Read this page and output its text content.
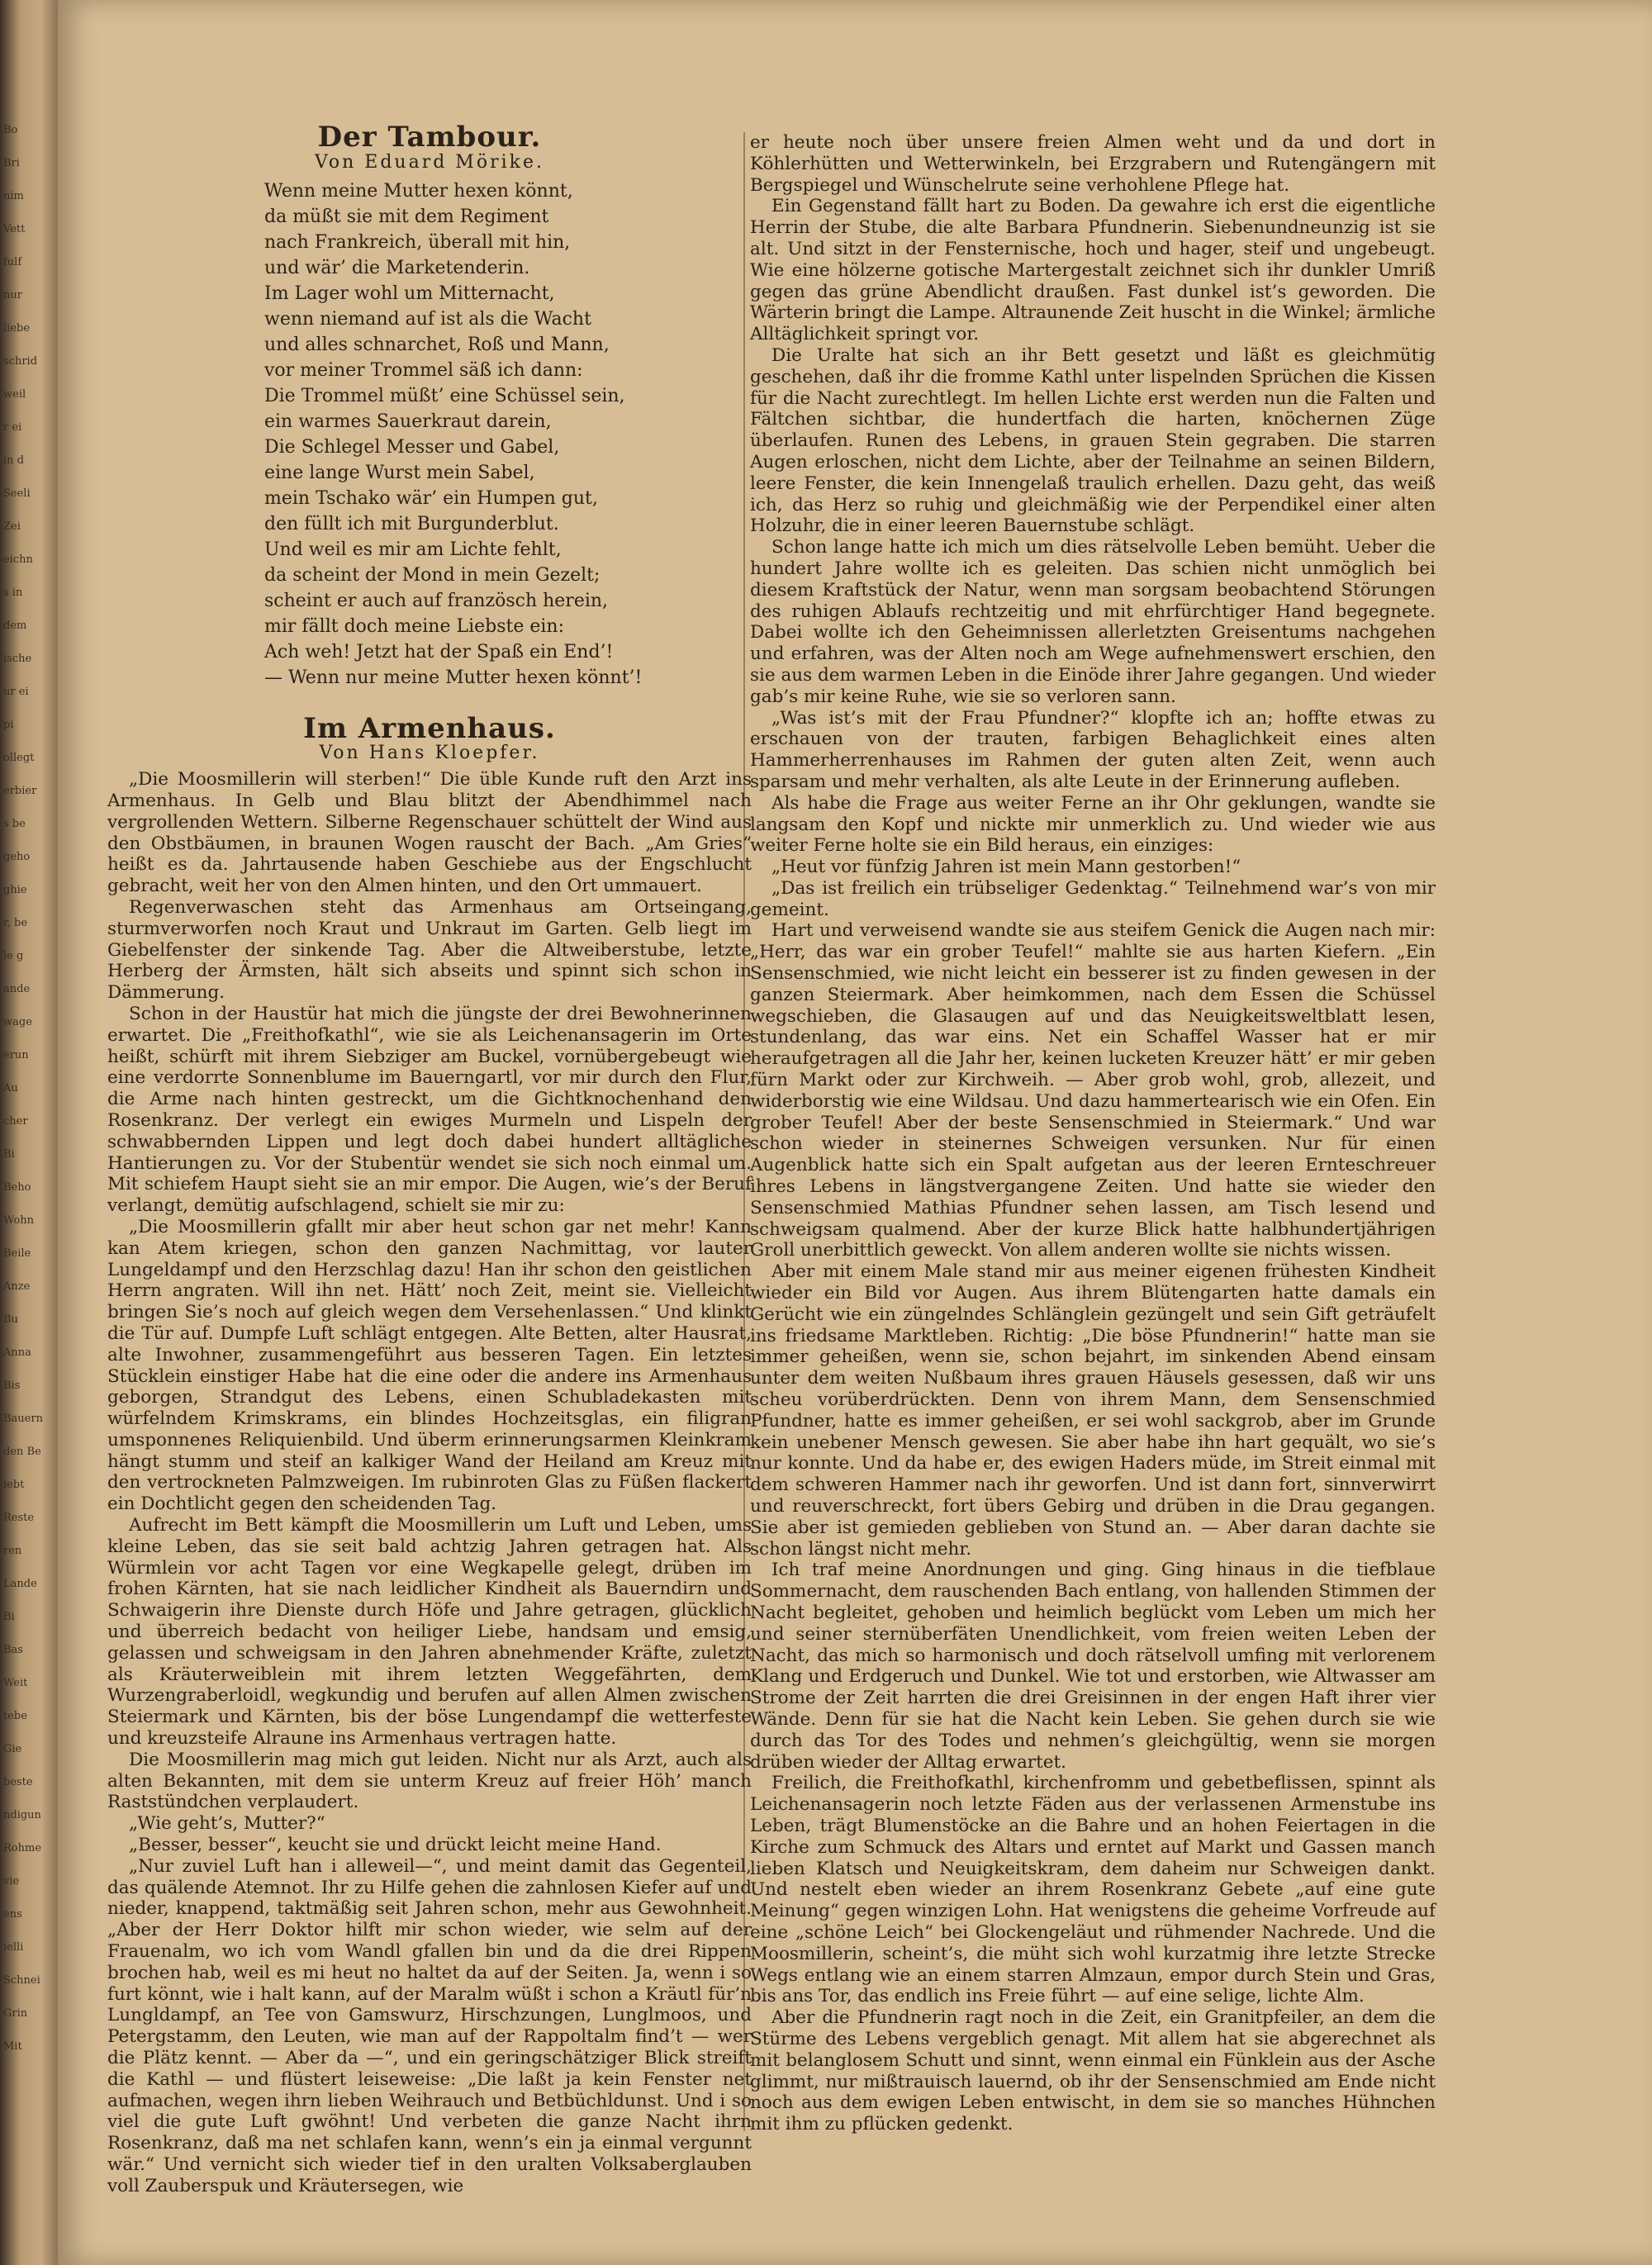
Bo
Bri
nim
Vett
fulf
nur
liebe
schrid
weil
r ei
in d
Seeli
Zei
eichn
s in
dem
ische
ur ei
pi
ollegt
erbier
s be
geho
ghie
r, be
le g
ande
wage
erun
Au
cher
Bi
Beho
Wohn
Beile
Anze
Bu
Anna
Bis
Bauern
den Be
iebt
Reste
ren
Lande
Bi
Bas
Weit
tebe
Gie
beste
ndigun
Rohme
vie
ens
ielli
Schnei
Grin
Mit
Der Tambour.
Von Eduard Mörike.
Wenn meine Mutter hexen könnt,
da müßt sie mit dem Regiment
nach Frankreich, überall mit hin,
und wär’ die Marketenderin.
Im Lager wohl um Mitternacht,
wenn niemand auf ist als die Wacht
und alles schnarchet, Roß und Mann,
vor meiner Trommel säß ich dann:
Die Trommel müßt’ eine Schüssel sein,
ein warmes Sauerkraut darein,
Die Schlegel Messer und Gabel,
eine lange Wurst mein Sabel,
mein Tschako wär’ ein Humpen gut,
den füllt ich mit Burgunderblut.
Und weil es mir am Lichte fehlt,
da scheint der Mond in mein Gezelt;
scheint er auch auf französch herein,
mir fällt doch meine Liebste ein:
Ach weh! Jetzt hat der Spaß ein End’!
— Wenn nur meine Mutter hexen könnt’!
Im Armenhaus.
Von Hans Kloepfer.

„Die Moosmillerin will sterben!“ Die üble Kunde ruft den Arzt ins Armenhaus. In Gelb und Blau blitzt der Abendhimmel nach vergrollenden Wettern. Silberne Regenschauer schüttelt der Wind aus den Obstbäumen, in braunen Wogen rauscht der Bach. „Am Gries“ heißt es da. Jahrtausende haben Geschiebe aus der Engschlucht gebracht, weit her von den Almen hinten, und den Ort ummauert.

Regenverwaschen steht das Armenhaus am Ortseingang, sturmverworfen noch Kraut und Unkraut im Garten. Gelb liegt im Giebelfenster der sinkende Tag. Aber die Altweiberstube, letzte Herberg der Ärmsten, hält sich abseits und spinnt sich schon in Dämmerung.

Schon in der Haustür hat mich die jüngste der drei Bewohnerinnen erwartet. Die „Freithofkathl“, wie sie als Leichenansagerin im Orte heißt, schürft mit ihrem Siebziger am Buckel, vornübergebeugt wie eine verdorrte Sonnenblume im Bauerngartl, vor mir durch den Flur, die Arme nach hinten gestreckt, um die Gichtknochenhand den Rosenkranz. Der verlegt ein ewiges Murmeln und Lispeln der schwabbernden Lippen und legt doch dabei hundert alltägliche Hantierungen zu. Vor der Stubentür wendet sie sich noch einmal um. Mit schiefem Haupt sieht sie an mir empor. Die Augen, wie’s der Beruf verlangt, demütig aufschlagend, schielt sie mir zu:

„Die Moosmillerin gfallt mir aber heut schon gar net mehr! Kann kan Atem kriegen, schon den ganzen Nachmittag, vor lauter Lungeldampf und den Herzschlag dazu! Han ihr schon den geistlichen Herrn angraten. Will ihn net. Hätt’ noch Zeit, meint sie. Vielleicht bringen Sie’s noch auf gleich wegen dem Versehenlassen.“ Und klinkt die Tür auf. Dumpfe Luft schlägt entgegen. Alte Betten, alter Hausrat, alte Inwohner, zusammengeführt aus besseren Tagen. Ein letztes Stücklein einstiger Habe hat die eine oder die andere ins Armenhaus geborgen, Strandgut des Lebens, einen Schubladekasten mit würfelndem Krimskrams, ein blindes Hochzeitsglas, ein filigran umsponnenes Reliquienbild. Und überm erinnerungsarmen Kleinkram hängt stumm und steif an kalkiger Wand der Heiland am Kreuz mit den vertrockneten Palmzweigen. Im rubinroten Glas zu Füßen flackert ein Dochtlicht gegen den scheidenden Tag.

Aufrecht im Bett kämpft die Moosmillerin um Luft und Leben, ums kleine Leben, das sie seit bald achtzig Jahren getragen hat. Als Würmlein vor acht Tagen vor eine Wegkapelle gelegt, drüben im frohen Kärnten, hat sie nach leidlicher Kindheit als Bauerndirn und Schwaigerin ihre Dienste durch Höfe und Jahre getragen, glücklich und überreich bedacht von heiliger Liebe, handsam und emsig, gelassen und schweigsam in den Jahren abnehmender Kräfte, zuletzt als Kräuterweiblein mit ihrem letzten Weggefährten, dem Wurzengraberloidl, wegkundig und berufen auf allen Almen zwischen Steiermark und Kärnten, bis der böse Lungendampf die wetterfeste und kreuzsteife Alraune ins Armenhaus vertragen hatte.

Die Moosmillerin mag mich gut leiden. Nicht nur als Arzt, auch als alten Bekannten, mit dem sie unterm Kreuz auf freier Höh’ manch Raststündchen verplaudert.

„Wie geht’s, Mutter?“

„Besser, besser“, keucht sie und drückt leicht meine Hand.

„Nur zuviel Luft han i alleweil—“, und meint damit das Gegenteil, das quälende Atemnot. Ihr zu Hilfe gehen die zahnlosen Kiefer auf und nieder, knappend, taktmäßig seit Jahren schon, mehr aus Gewohnheit. „Aber der Herr Doktor hilft mir schon wieder, wie selm auf der Frauenalm, wo ich vom Wandl gfallen bin und da die drei Rippen brochen hab, weil es mi heut no haltet da auf der Seiten. Ja, wenn i so furt könnt, wie i halt kann, auf der Maralm wüßt i schon a Kräutl für’n Lungldampf, an Tee von Gamswurz, Hirschzungen, Lunglmoos, und Petergstamm, den Leuten, wie man auf der Rappoltalm find’t — wer die Plätz kennt. — Aber da —“, und ein geringschätziger Blick streift die Kathl — und flüstert leiseweise: „Die laßt ja kein Fenster net aufmachen, wegen ihrn lieben Weihrauch und Betbüchldunst. Und i so viel die gute Luft gwöhnt! Und verbeten die ganze Nacht ihrn Rosenkranz, daß ma net schlafen kann, wenn’s ein ja einmal vergunnt wär.“ Und vernicht sich wieder tief in den uralten Volksaberglauben voll Zauberspuk und Kräutersegen, wie

er heute noch über unsere freien Almen weht und da und dort in Köhlerhütten und Wetterwinkeln, bei Erzgrabern und Rutengängern mit Bergspiegel und Wünschelrute seine verhohlene Pflege hat.

Ein Gegenstand fällt hart zu Boden. Da gewahre ich erst die eigentliche Herrin der Stube, die alte Barbara Pfundnerin. Siebenundneunzig ist sie alt. Und sitzt in der Fensternische, hoch und hager, steif und ungebeugt. Wie eine hölzerne gotische Martergestalt zeichnet sich ihr dunkler Umriß gegen das grüne Abendlicht draußen. Fast dunkel ist’s geworden. Die Wärterin bringt die Lampe. Altraunende Zeit huscht in die Winkel; ärmliche Alltäglichkeit springt vor.

Die Uralte hat sich an ihr Bett gesetzt und läßt es gleichmütig geschehen, daß ihr die fromme Kathl unter lispelnden Sprüchen die Kissen für die Nacht zurechtlegt. Im hellen Lichte erst werden nun die Falten und Fältchen sichtbar, die hundertfach die harten, knöchernen Züge überlaufen. Runen des Lebens, in grauen Stein gegraben. Die starren Augen erloschen, nicht dem Lichte, aber der Teilnahme an seinen Bildern, leere Fenster, die kein Innengelaß traulich erhellen. Dazu geht, das weiß ich, das Herz so ruhig und gleichmäßig wie der Perpendikel einer alten Holzuhr, die in einer leeren Bauernstube schlägt.

Schon lange hatte ich mich um dies rätselvolle Leben bemüht. Ueber die hundert Jahre wollte ich es geleiten. Das schien nicht unmöglich bei diesem Kraftstück der Natur, wenn man sorgsam beobachtend Störungen des ruhigen Ablaufs rechtzeitig und mit ehrfürchtiger Hand begegnete. Dabei wollte ich den Geheimnissen allerletzten Greisentums nachgehen und erfahren, was der Alten noch am Wege aufnehmenswert erschien, den sie aus dem warmen Leben in die Einöde ihrer Jahre gegangen. Und wieder gab’s mir keine Ruhe, wie sie so verloren sann.

„Was ist’s mit der Frau Pfundner?“ klopfte ich an; hoffte etwas zu erschauen von der trauten, farbigen Behaglichkeit eines alten Hammerherrenhauses im Rahmen der guten alten Zeit, wenn auch sparsam und mehr verhalten, als alte Leute in der Erinnerung aufleben.

Als habe die Frage aus weiter Ferne an ihr Ohr geklungen, wandte sie langsam den Kopf und nickte mir unmerklich zu. Und wieder wie aus weiter Ferne holte sie ein Bild heraus, ein einziges:

„Heut vor fünfzig Jahren ist mein Mann gestorben!“

„Das ist freilich ein trübseliger Gedenktag.“ Teilnehmend war’s von mir gemeint.

Hart und verweisend wandte sie aus steifem Genick die Augen nach mir: „Herr, das war ein grober Teufel!“ mahlte sie aus harten Kiefern. „Ein Sensenschmied, wie nicht leicht ein besserer ist zu finden gewesen in der ganzen Steiermark. Aber heimkommen, nach dem Essen die Schüssel wegschieben, die Glasaugen auf und das Neuigkeitsweltblatt lesen, stundenlang, das war eins. Net ein Schaffel Wasser hat er mir heraufgetragen all die Jahr her, keinen lucketen Kreuzer hätt’ er mir geben fürn Markt oder zur Kirchweih. — Aber grob wohl, grob, allezeit, und widerborstig wie eine Wildsau. Und dazu hammertearisch wie ein Ofen. Ein grober Teufel! Aber der beste Sensenschmied in Steiermark.“ Und war schon wieder in steinernes Schweigen versunken. Nur für einen Augenblick hatte sich ein Spalt aufgetan aus der leeren Ernteschreuer ihres Lebens in längstvergangene Zeiten. Und hatte sie wieder den Sensenschmied Mathias Pfundner sehen lassen, am Tisch lesend und schweigsam qualmend. Aber der kurze Blick hatte halbhundertjährigen Groll unerbittlich geweckt. Von allem anderen wollte sie nichts wissen.

Aber mit einem Male stand mir aus meiner eigenen frühesten Kindheit wieder ein Bild vor Augen. Aus ihrem Blütengarten hatte damals ein Gerücht wie ein züngelndes Schlänglein gezüngelt und sein Gift geträufelt ins friedsame Marktleben. Richtig: „Die böse Pfundnerin!“ hatte man sie immer geheißen, wenn sie, schon bejahrt, im sinkenden Abend einsam unter dem weiten Nußbaum ihres grauen Häusels gesessen, daß wir uns scheu vorüberdrückten. Denn von ihrem Mann, dem Sensenschmied Pfundner, hatte es immer geheißen, er sei wohl sackgrob, aber im Grunde kein unebener Mensch gewesen. Sie aber habe ihn hart gequält, wo sie’s nur konnte. Und da habe er, des ewigen Haders müde, im Streit einmal mit dem schweren Hammer nach ihr geworfen. Und ist dann fort, sinnverwirrt und reuverschreckt, fort übers Gebirg und drüben in die Drau gegangen. Sie aber ist gemieden geblieben von Stund an. — Aber daran dachte sie schon längst nicht mehr.

Ich traf meine Anordnungen und ging. Ging hinaus in die tiefblaue Sommernacht, dem rauschenden Bach entlang, von hallenden Stimmen der Nacht begleitet, gehoben und heimlich beglückt vom Leben um mich her und seiner sternüberfäten Unendlichkeit, vom freien weiten Leben der Nacht, das mich so harmonisch und doch rätselvoll umfing mit verlorenem Klang und Erdgeruch und Dunkel. Wie tot und erstorben, wie Altwasser am Strome der Zeit harrten die drei Greisinnen in der engen Haft ihrer vier Wände. Denn für sie hat die Nacht kein Leben. Sie gehen durch sie wie durch das Tor des Todes und nehmen’s gleichgültig, wenn sie morgen drüben wieder der Alltag erwartet.

Freilich, die Freithofkathl, kirchenfromm und gebetbeflissen, spinnt als Leichenansagerin noch letzte Fäden aus der verlassenen Armenstube ins Leben, trägt Blumenstöcke an die Bahre und an hohen Feiertagen in die Kirche zum Schmuck des Altars und erntet auf Markt und Gassen manch lieben Klatsch und Neuigkeitskram, dem daheim nur Schweigen dankt. Und nestelt eben wieder an ihrem Rosenkranz Gebete „auf eine gute Meinung“ gegen winzigen Lohn. Hat wenigstens die geheime Vorfreude auf eine „schöne Leich“ bei Glockengeläut und rühmender Nachrede. Und die Moosmillerin, scheint’s, die müht sich wohl kurzatmig ihre letzte Strecke Wegs entlang wie an einem starren Almzaun, empor durch Stein und Gras, bis ans Tor, das endlich ins Freie führt — auf eine selige, lichte Alm.

Aber die Pfundnerin ragt noch in die Zeit, ein Granitpfeiler, an dem die Stürme des Lebens vergeblich genagt. Mit allem hat sie abgerechnet als mit belanglosem Schutt und sinnt, wenn einmal ein Fünklein aus der Asche glimmt, nur mißtrauisch lauernd, ob ihr der Sensenschmied am Ende nicht noch aus dem ewigen Leben entwischt, in dem sie so manches Hühnchen mit ihm zu pflücken gedenkt.
